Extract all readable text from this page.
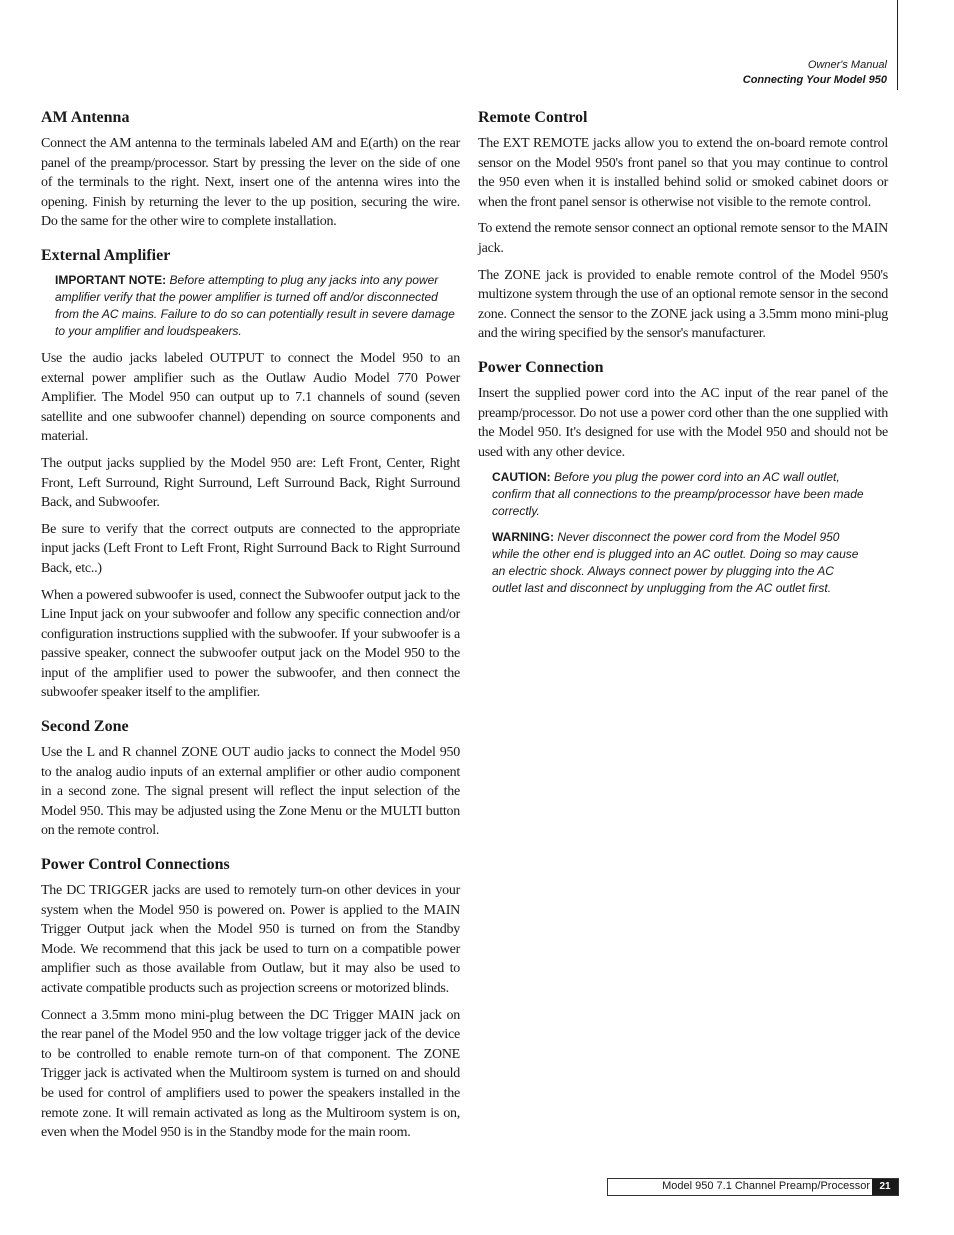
Owner's Manual
Connecting Your Model 950
AM Antenna

Connect the AM antenna to the terminals labeled AM and E(arth) on the rear panel of the preamp/processor. Start by pressing the lever on the side of one of the terminals to the right. Next, insert one of the antenna wires into the opening. Finish by returning the lever to the up position, securing the wire. Do the same for the other wire to complete installation.

External Amplifier
IMPORTANT NOTE: Before attempting to plug any jacks into any power amplifier verify that the power amplifier is turned off and/or disconnected from the AC mains. Failure to do so can potentially result in severe damage to your amplifier and loudspeakers.

Use the audio jacks labeled OUTPUT to connect the Model 950 to an external power amplifier such as the Outlaw Audio Model 770 Power Amplifier. The Model 950 can output up to 7.1 channels of sound (seven satellite and one subwoofer channel) depending on source components and material.

The output jacks supplied by the Model 950 are: Left Front, Center, Right Front, Left Surround, Right Surround, Left Surround Back, Right Surround Back, and Subwoofer.

Be sure to verify that the correct outputs are connected to the appropriate input jacks (Left Front to Left Front, Right Surround Back to Right Surround Back, etc..)

When a powered subwoofer is used, connect the Subwoofer output jack to the Line Input jack on your subwoofer and follow any specific connection and/or configuration instructions supplied with the subwoofer. If your subwoofer is a passive speaker, connect the subwoofer output jack on the Model 950 to the input of the amplifier used to power the subwoofer, and then connect the subwoofer speaker itself to the amplifier.

Second Zone

Use the L and R channel ZONE OUT audio jacks to connect the Model 950 to the analog audio inputs of an external amplifier or other audio component in a second zone. The signal present will reflect the input selection of the Model 950. This may be adjusted using the Zone Menu or the MULTI button on the remote control.

Power Control Connections

The DC TRIGGER jacks are used to remotely turn-on other devices in your system when the Model 950 is powered on. Power is applied to the MAIN Trigger Output jack when the Model 950 is turned on from the Standby Mode. We recommend that this jack be used to turn on a compatible power amplifier such as those available from Outlaw, but it may also be used to activate compatible products such as projection screens or motorized blinds.

Connect a 3.5mm mono mini-plug between the DC Trigger MAIN jack on the rear panel of the Model 950 and the low voltage trigger jack of the device to be controlled to enable remote turn-on of that component. The ZONE Trigger jack is activated when the Multiroom system is turned on and should be used for control of amplifiers used to power the speakers installed in the remote zone. It will remain activated as long as the Multiroom system is on, even when the Model 950 is in the Standby mode for the main room.

Remote Control

The EXT REMOTE jacks allow you to extend the on-board remote control sensor on the Model 950's front panel so that you may continue to control the 950 even when it is installed behind solid or smoked cabinet doors or when the front panel sensor is otherwise not visible to the remote control.

To extend the remote sensor connect an optional remote sensor to the MAIN jack.

The ZONE jack is provided to enable remote control of the Model 950's multizone system through the use of an optional remote sensor in the second zone. Connect the sensor to the ZONE jack using a 3.5mm mono mini-plug and the wiring specified by the sensor's manufacturer.

Power Connection

Insert the supplied power cord into the AC input of the rear panel of the preamp/processor. Do not use a power cord other than the one supplied with the Model 950. It's designed for use with the Model 950 and should not be used with any other device.

CAUTION: Before you plug the power cord into an AC wall outlet, confirm that all connections to the preamp/processor have been made correctly.
WARNING: Never disconnect the power cord from the Model 950 while the other end is plugged into an AC outlet. Doing so may cause an electric shock. Always connect power by plugging into the AC outlet last and disconnect by unplugging from the AC outlet first.
Model 950 7.1 Channel Preamp/Processor 21
